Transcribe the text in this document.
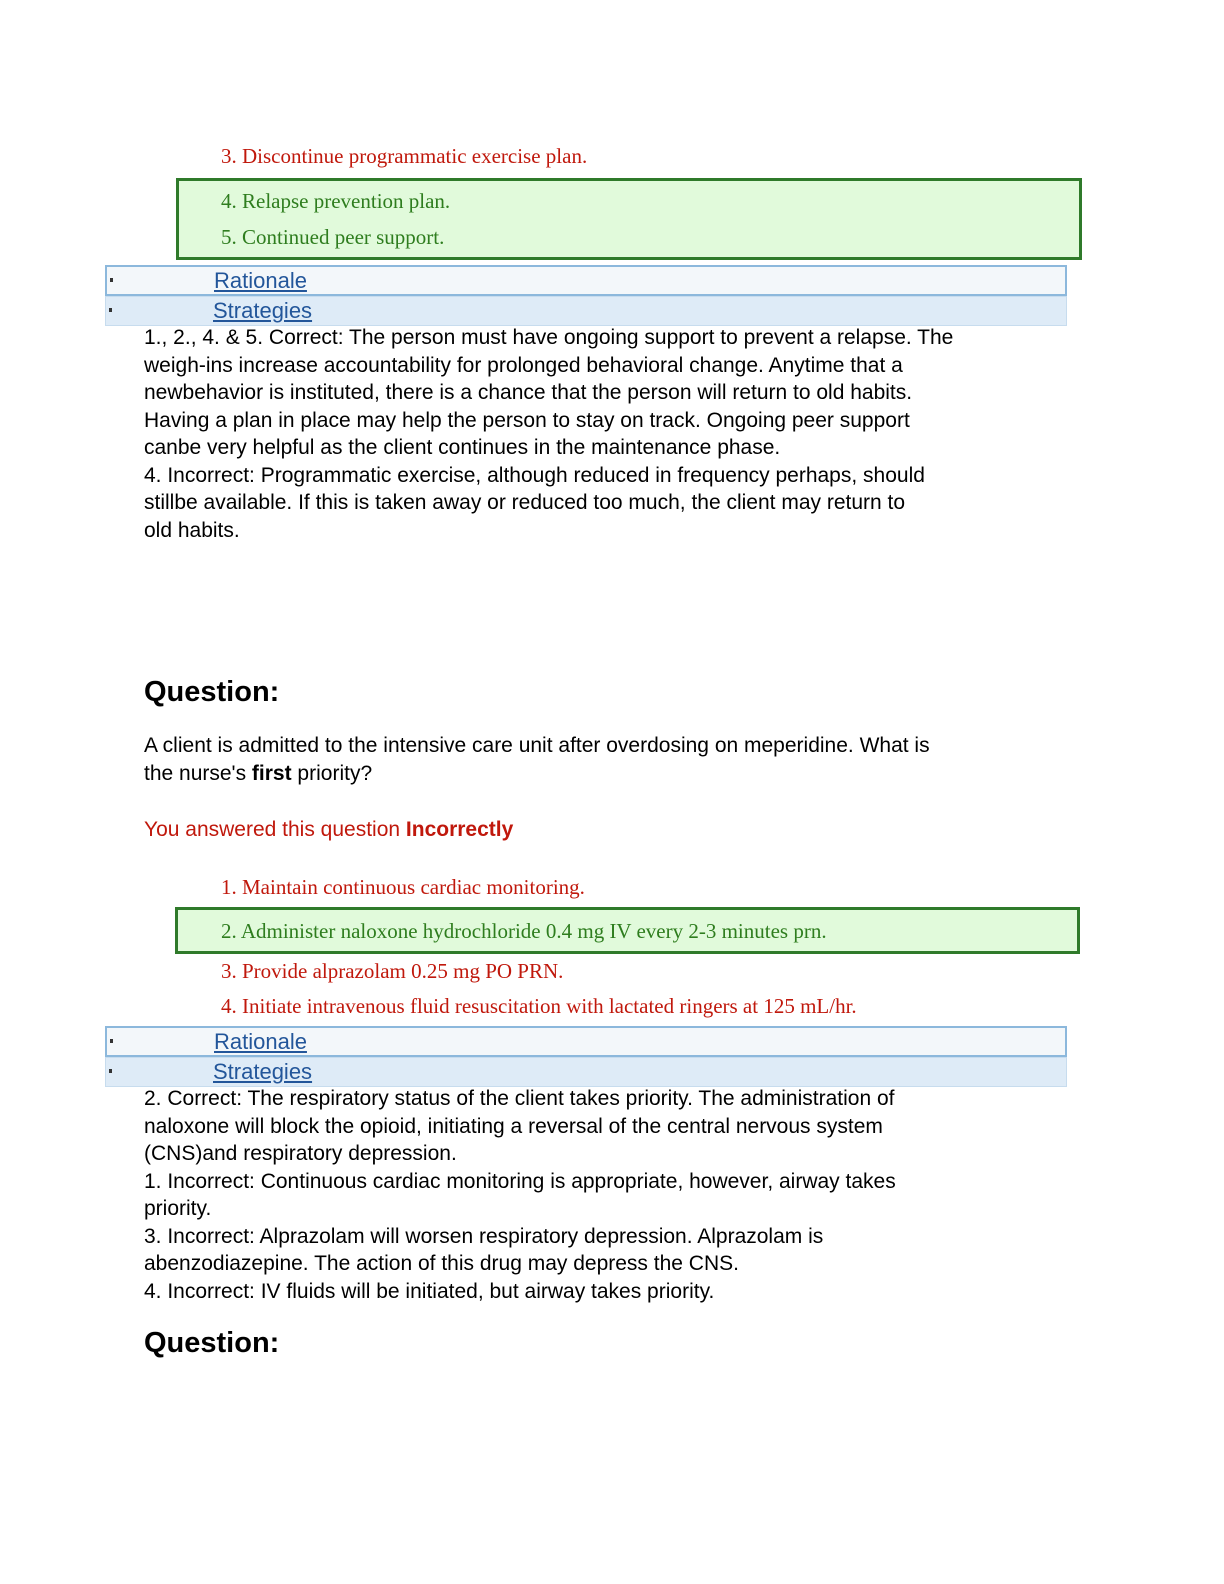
3. Discontinue programmatic exercise plan.
4. Relapse prevention plan.
5. Continued peer support.
Rationale
Strategies
1., 2., 4. & 5. Correct: The person must have ongoing support to prevent a relapse. The
weigh-ins increase accountability for prolonged behavioral change. Anytime that a
newbehavior is instituted, there is a chance that the person will return to old habits.
Having a plan in place may help the person to stay on track. Ongoing peer support
canbe very helpful as the client continues in the maintenance phase.
4. Incorrect: Programmatic exercise, although reduced in frequency perhaps, should
stillbe available. If this is taken away or reduced too much, the client may return to
old habits.
Question:
A client is admitted to the intensive care unit after overdosing on meperidine. What is
the nurse's first priority?
You answered this question Incorrectly
1. Maintain continuous cardiac monitoring.
2. Administer naloxone hydrochloride 0.4 mg IV every 2-3 minutes prn.
3. Provide alprazolam 0.25 mg PO PRN.
4. Initiate intravenous fluid resuscitation with lactated ringers at 125 mL/hr.
Rationale
Strategies
2. Correct: The respiratory status of the client takes priority. The administration of
naloxone will block the opioid, initiating a reversal of the central nervous system
(CNS)and respiratory depression.
1. Incorrect: Continuous cardiac monitoring is appropriate, however, airway takes
priority.
3. Incorrect: Alprazolam will worsen respiratory depression. Alprazolam is
abenzodiazepine. The action of this drug may depress the CNS.
4. Incorrect: IV fluids will be initiated, but airway takes priority.
Question:
